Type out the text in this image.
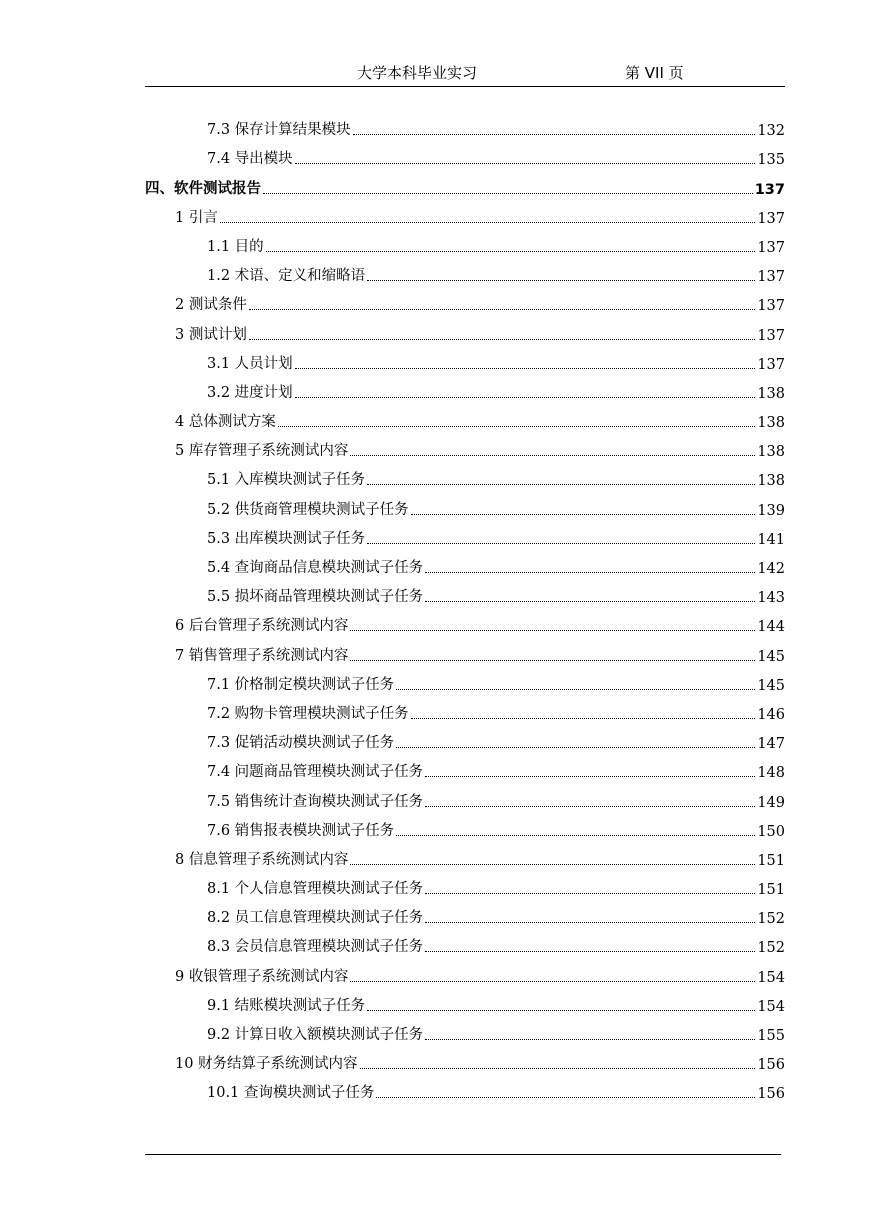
大学本科毕业实习	第 VII 页
7.3 保存计算结果模块	132
7.4 导出模块	135
四、软件测试报告	137
1 引言	137
1.1 目的	137
1.2 术语、定义和缩略语	137
2 测试条件	137
3 测试计划	137
3.1 人员计划	137
3.2 进度计划	138
4 总体测试方案	138
5 库存管理子系统测试内容	138
5.1 入库模块测试子任务	138
5.2 供货商管理模块测试子任务	139
5.3 出库模块测试子任务	141
5.4 查询商品信息模块测试子任务	142
5.5 损坏商品管理模块测试子任务	143
6 后台管理子系统测试内容	144
7 销售管理子系统测试内容	145
7.1 价格制定模块测试子任务	145
7.2 购物卡管理模块测试子任务	146
7.3 促销活动模块测试子任务	147
7.4 问题商品管理模块测试子任务	148
7.5 销售统计查询模块测试子任务	149
7.6 销售报表模块测试子任务	150
8 信息管理子系统测试内容	151
8.1 个人信息管理模块测试子任务	151
8.2 员工信息管理模块测试子任务	152
8.3 会员信息管理模块测试子任务	152
9 收银管理子系统测试内容	154
9.1 结账模块测试子任务	154
9.2 计算日收入额模块测试子任务	155
10 财务结算子系统测试内容	156
10.1 查询模块测试子任务	156
